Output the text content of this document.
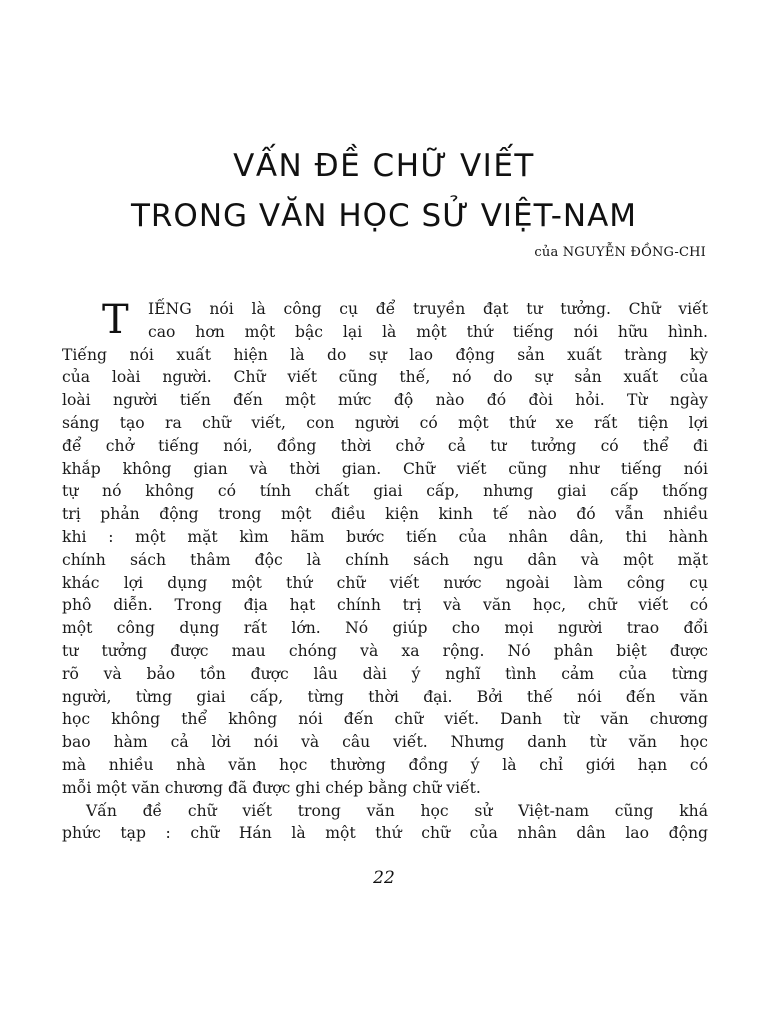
VẤN ĐỀ CHỮ VIẾT
TRONG VĂN HỌC SỬ VIỆT-NAM
của NGUYỄN ĐỒNG-CHI
T	IẾNG nói là công cụ để truyền đạt tư tưởng. Chữ viết
cao hơn một bậc lại là một thứ tiếng nói hữu hình.
Tiếng nói xuất hiện là do sự lao động sản xuất tràng kỳ
của loài người. Chữ viết cũng thế, nó do sự sản xuất của
loài người tiến đến một mức độ nào đó đòi hỏi. Từ ngày
sáng tạo ra chữ viết, con người có một thứ xe rất tiện lợi
để chở tiếng nói, đồng thời chở cả tư tưởng có thể đi
khắp không gian và thời gian. Chữ viết cũng như tiếng nói
tự nó không có tính chất giai cấp, nhưng giai cấp thống
trị phản động trong một điều kiện kinh tế nào đó vẫn nhiều
khi : một mặt kìm hãm bước tiến của nhân dân, thi hành
chính sách thâm độc là chính sách ngu dân và một mặt
khác lợi dụng một thứ chữ viết nước ngoài làm công cụ
phô diễn. Trong địa hạt chính trị và văn học, chữ viết có
một công dụng rất lớn. Nó giúp cho mọi người trao đổi
tư tưởng được mau chóng và xa rộng. Nó phân biệt được
rõ và bảo tồn được lâu dài ý nghĩ tình cảm của từng
người, từng giai cấp, từng thời đại. Bởi thế nói đến văn
học không thể không nói đến chữ viết. Danh từ văn chương
bao hàm cả lời nói và câu viết. Nhưng danh từ văn học
mà nhiều nhà văn học thường đồng ý là chỉ giới hạn có
mỗi một văn chương đã được ghi chép bằng chữ viết.
Vấn đề chữ viết trong văn học sử Việt-nam cũng khá
phức tạp : chữ Hán là một thứ chữ của nhân dân lao động
22
